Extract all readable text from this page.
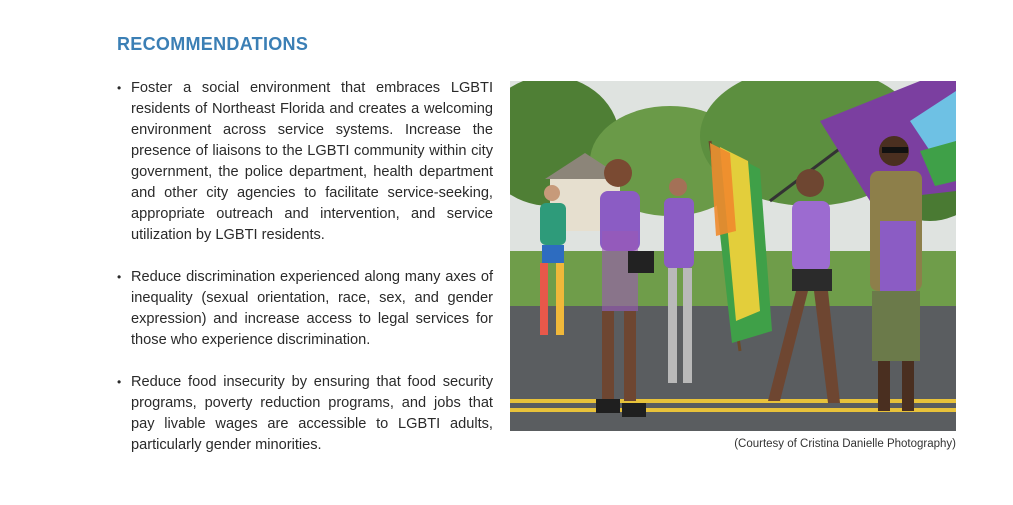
RECOMMENDATIONS
• Foster a social environment that embraces LGBTI residents of Northeast Florida and creates a welcoming environment across service systems. Increase the presence of liaisons to the LGBTI community within city government, the police department, health department and other city agencies to facilitate service-seeking, appropriate outreach and intervention, and service utilization by LGBTI residents.
• Reduce discrimination experienced along many axes of inequality (sexual orientation, race, sex, and gender expression) and increase access to legal services for those who experience discrimination.
• Reduce food insecurity by ensuring that food security programs, poverty reduction programs, and jobs that pay livable wages are accessible to LGBTI adults, particularly gender minorities.	(Courtesy of Cristina Danielle Photography)
